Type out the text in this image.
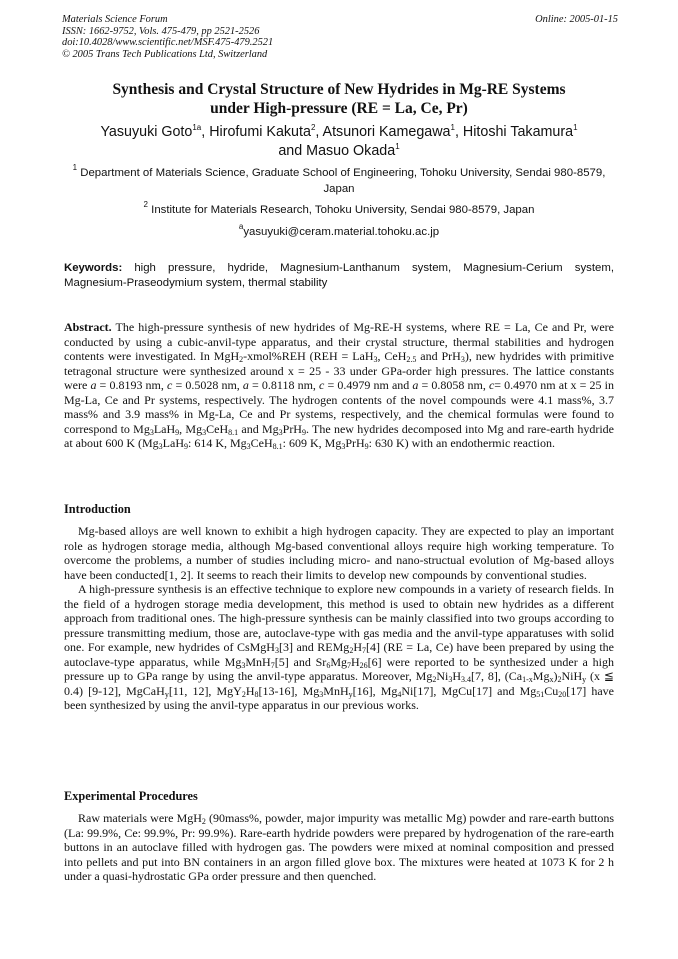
Materials Science Forum
ISSN: 1662-9752, Vols. 475-479, pp 2521-2526
doi:10.4028/www.scientific.net/MSF.475-479.2521
© 2005 Trans Tech Publications Ltd, Switzerland
Online: 2005-01-15
Synthesis and Crystal Structure of New Hydrides in Mg-RE Systems
under High-pressure (RE = La, Ce, Pr)
Yasuyuki Goto$^{1a}$, Hirofumi Kakuta$^2$, Atsunori Kamegawa$^1$, Hitoshi Takamura$^1$
and Masuo Okada$^1$
$^1$ Department of Materials Science, Graduate School of Engineering, Tohoku University, Sendai 980-8579, Japan
$^2$ Institute for Materials Research, Tohoku University, Sendai 980-8579, Japan
$^a$yasuyuki@ceram.material.tohoku.ac.jp
Keywords: high pressure, hydride, Magnesium-Lanthanum system, Magnesium-Cerium system, Magnesium-Praseodymium system, thermal stability

Abstract. The high-pressure synthesis of new hydrides of Mg-RE-H systems, where RE = La, Ce and Pr, were conducted by using a cubic-anvil-type apparatus, and their crystal structure, thermal stabilities and hydrogen contents were investigated. In MgH$_2$-xmol%REH (REH = LaH$_3$, CeH$_{2.5}$ and PrH$_3$), new hydrides with primitive tetragonal structure were synthesized around x = 25 - 33 under GPa-order high pressures. The lattice constants were a = 0.8193 nm, c = 0.5028 nm, a = 0.8118 nm, c = 0.4979 nm and a = 0.8058 nm, c= 0.4970 nm at x = 25 in Mg-La, Ce and Pr systems, respectively. The hydrogen contents of the novel compounds were 4.1 mass%, 3.7 mass% and 3.9 mass% in Mg-La, Ce and Pr systems, respectively, and the chemical formulas were found to correspond to $Mg_3LaH_9$, $Mg_3CeH_{8.1}$ and $Mg_3PrH_9$. The new hydrides decomposed into Mg and rare-earth hydride at about 600 K ($Mg_3LaH_9$: 614 K, $Mg_3CeH_{8.1}$: 609 K, $Mg_3PrH_9$: 630 K) with an endothermic reaction.

Introduction

Mg-based alloys are well known to exhibit a high hydrogen capacity. They are expected to play an important role as hydrogen storage media, although Mg-based conventional alloys require high working temperature. To overcome the problems, a number of studies including micro- and nano-structual evolution of Mg-based alloys have been conducted[1, 2]. It seems to reach their limits to develop new compounds by conventional studies.

A high-pressure synthesis is an effective technique to explore new compounds in a variety of research fields. In the field of a hydrogen storage media development, this method is used to obtain new hydrides as a different approach from traditional ones. The high-pressure synthesis can be mainly classified into two groups according to pressure transmitting medium, those are, autoclave-type with gas media and the anvil-type apparatuses with solid one. For example, new hydrides of CsMgH$_3$[3] and $REMg_2H_7[4] (RE = La$, Ce) have been prepared by using the autoclave-type apparatus, while $Mg_3MnH_7[5]$ and $Sr_6Mg_7H_{26}[6]$ were reported to be synthesized under a high pressure up to GPa range by using the anvil-type apparatus. Moreover, $Mg_2Ni_3H_{3.4}[7$, 8], $(Ca_{1-x}Mg_x)_2NiH_y$ (x ≦ 0.4) [9-12], MgCaH$_y$[11, 12], $MgY_2H_8[13-16]$, $Mg_3MnH_y[16]$, $Mg_4Ni[17]$, MgCu[17] and $Mg_{51}Cu_{20}[17]$ have been synthesized by using the anvil-type apparatus in our previous works.

Experimental Procedures

Raw materials were MgH$_2$ (90mass%, powder, major impurity was metallic Mg) powder and rare-earth buttons (La: 99.9%, Ce: 99.9%, Pr: 99.9%). Rare-earth hydride powders were prepared by hydrogenation of the rare-earth buttons in an autoclave filled with hydrogen gas. The powders were mixed at nominal composition and pressed into pellets and put into BN containers in an argon filled glove box. The mixtures were heated at 1073 K for 2 h under a quasi-hydrostatic GPa order pressure and then quenched.
